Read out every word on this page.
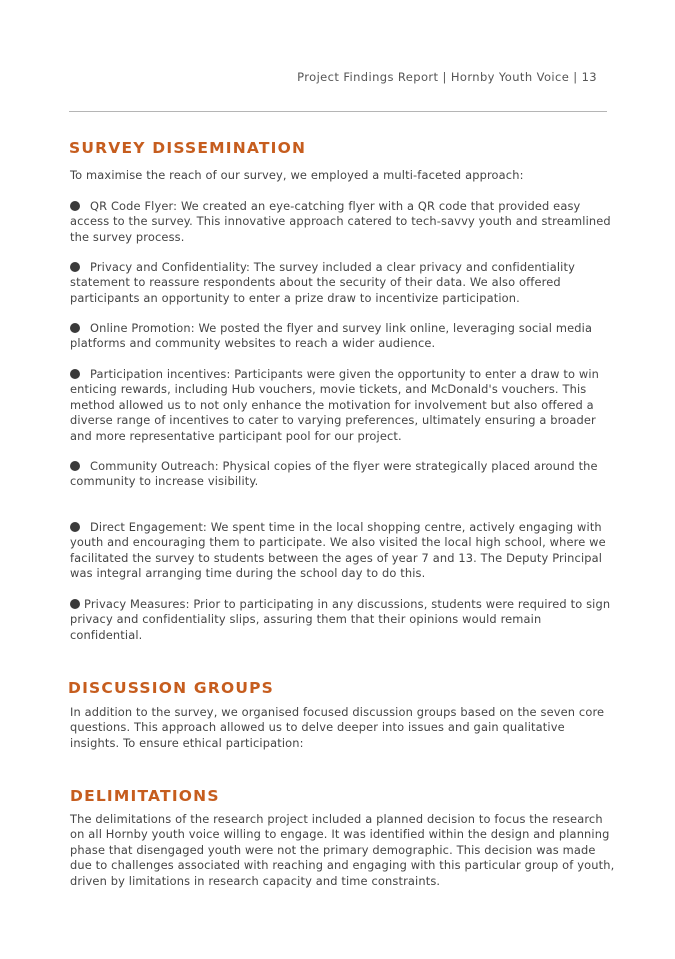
Project Findings Report | Hornby Youth Voice | 13
SURVEY DISSEMINATION

To maximise the reach of our survey, we employed a multi-faceted approach:

QR Code Flyer: We created an eye-catching flyer with a QR code that provided easy access to the survey. This innovative approach catered to tech-savvy youth and streamlined the survey process.

Privacy and Confidentiality: The survey included a clear privacy and confidentiality statement to reassure respondents about the security of their data. We also offered participants an opportunity to enter a prize draw to incentivize participation.

Online Promotion: We posted the flyer and survey link online, leveraging social media platforms and community websites to reach a wider audience.

Participation incentives: Participants were given the opportunity to enter a draw to win enticing rewards, including Hub vouchers, movie tickets, and McDonald's vouchers. This method allowed us to not only enhance the motivation for involvement but also offered a diverse range of incentives to cater to varying preferences, ultimately ensuring a broader and more representative participant pool for our project.

Community Outreach: Physical copies of the flyer were strategically placed around the community to increase visibility.

Direct Engagement: We spent time in the local shopping centre, actively engaging with youth and encouraging them to participate. We also visited the local high school, where we facilitated the survey to students between the ages of year 7 and 13. The Deputy Principal was integral arranging time during the school day to do this.

Privacy Measures: Prior to participating in any discussions, students were required to sign privacy and confidentiality slips, assuring them that their opinions would remain confidential.

DISCUSSION GROUPS

In addition to the survey, we organised focused discussion groups based on the seven core questions. This approach allowed us to delve deeper into issues and gain qualitative insights. To ensure ethical participation:

DELIMITATIONS

The delimitations of the research project included a planned decision to focus the research on all Hornby youth voice willing to engage. It was identified within the design and planning phase that disengaged youth were not the primary demographic. This decision was made due to challenges associated with reaching and engaging with this particular group of youth, driven by limitations in research capacity and time constraints.
